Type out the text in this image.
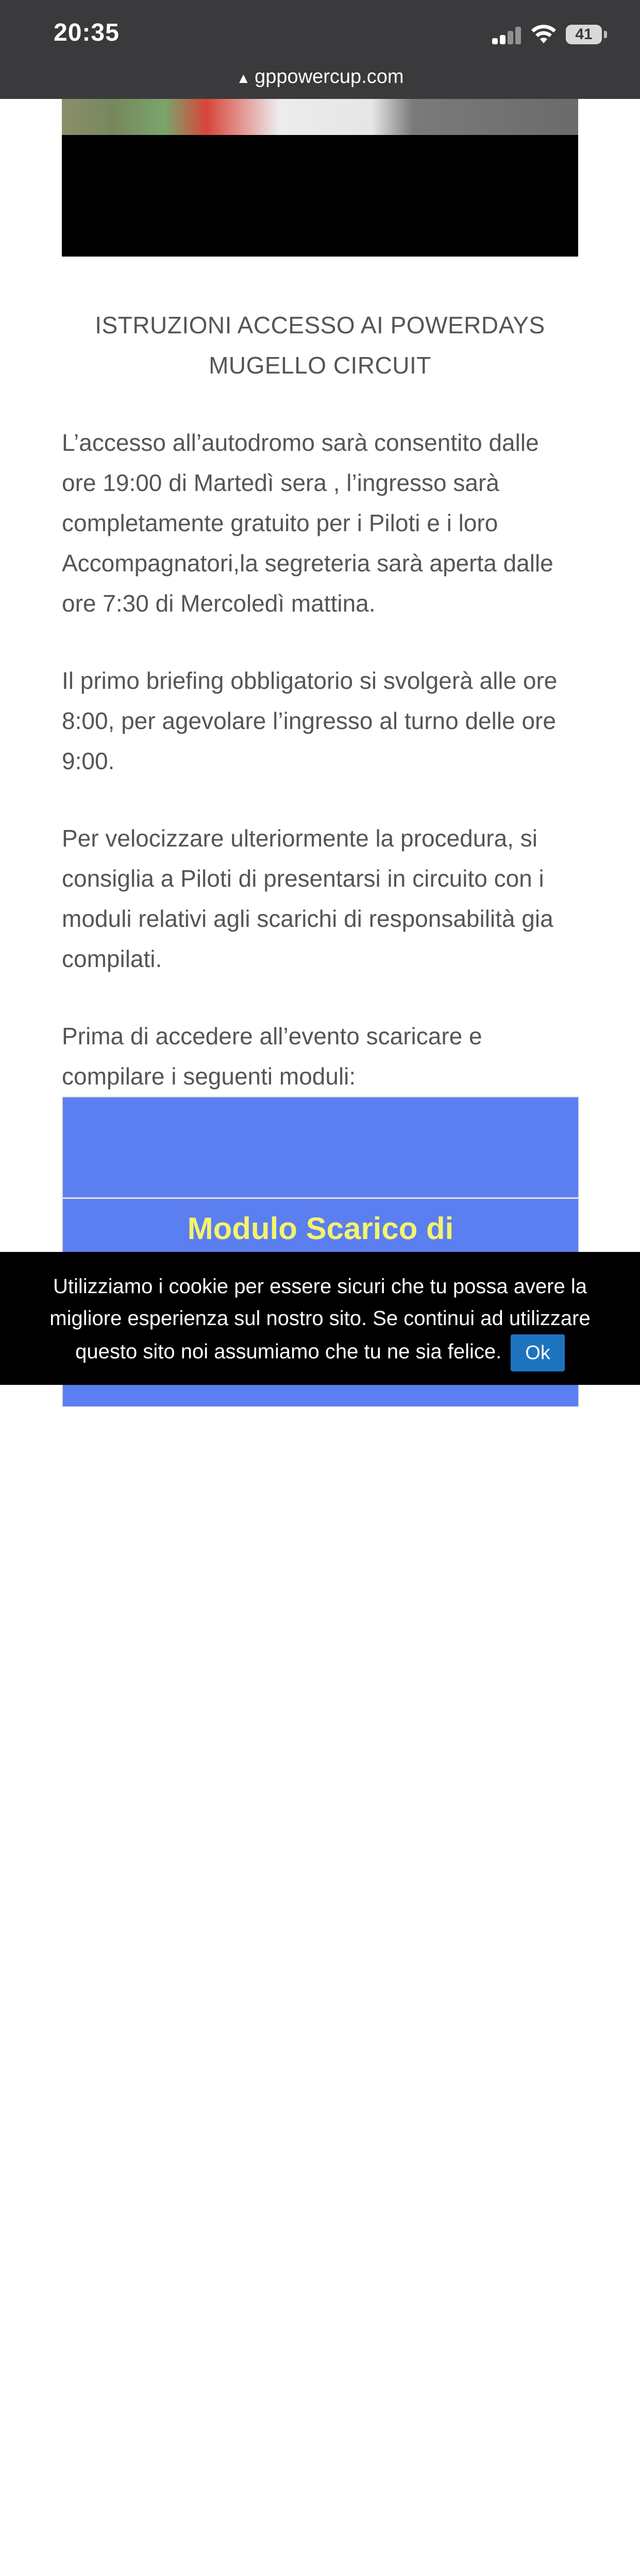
20:35	41
▲ gppowercup.com
ISTRUZIONI ACCESSO AI POWERDAYS
MUGELLO CIRCUIT
L’accesso all’autodromo sarà consentito dalle ore 19:00 di Martedì sera , l’ingresso sarà completamente gratuito per i Piloti e i loro Accompagnatori,la segreteria sarà aperta dalle ore 7:30 di Mercoledì mattina.
Il primo briefing obbligatorio si svolgerà alle ore 8:00, per agevolare l’ingresso al turno delle ore 9:00.
Per velocizzare ulteriormente la procedura, si consiglia a Piloti di presentarsi in circuito con i moduli relativi agli scarichi di responsabilità gia compilati.
Prima di accedere all’evento scaricare e compilare i seguenti moduli:
Modulo Scarico di
Utilizziamo i cookie per essere sicuri che tu possa avere la migliore esperienza sul nostro sito. Se continui ad utilizzare questo sito noi assumiamo che tu ne sia felice. Ok
